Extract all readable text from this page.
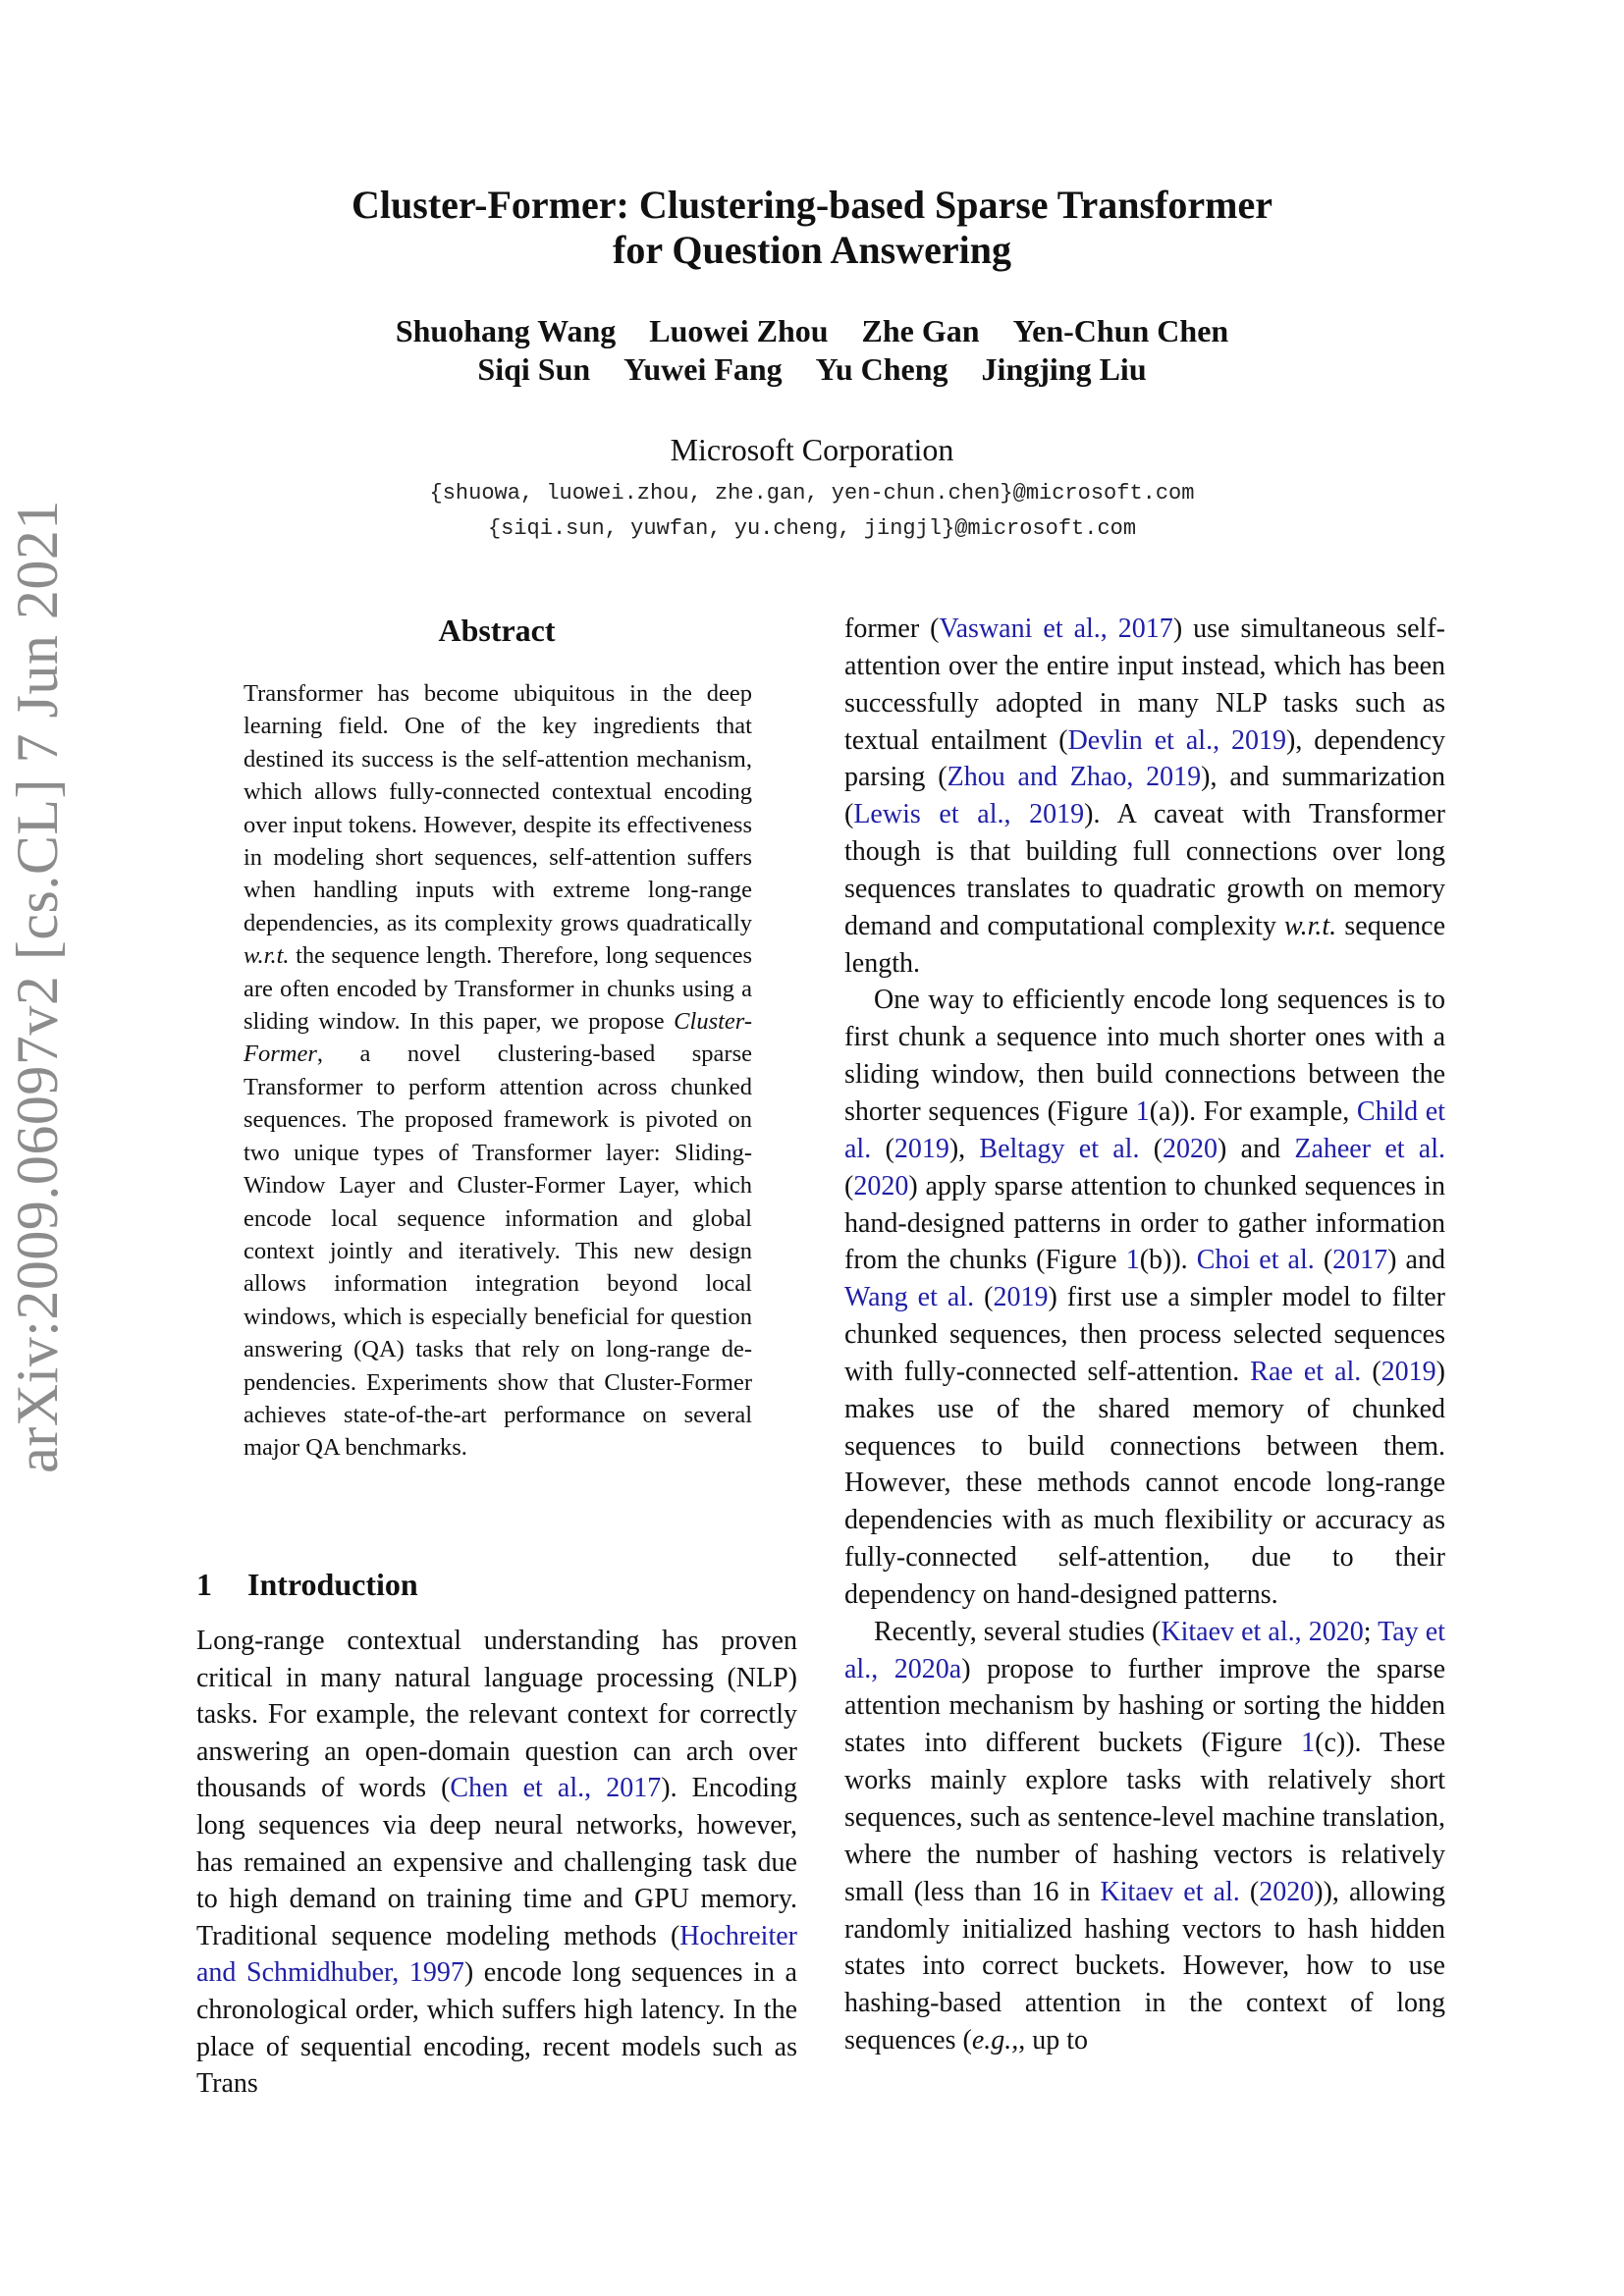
arXiv:2009.06097v2 [cs.CL] 7 Jun 2021
Cluster-Former: Clustering-based Sparse Transformer
for Question Answering
Shuohang Wang Luowei Zhou Zhe Gan Yen-Chun Chen
Siqi Sun Yuwei Fang Yu Cheng Jingjing Liu
Microsoft Corporation
{shuowa, luowei.zhou, zhe.gan, yen-chun.chen}@microsoft.com
{siqi.sun, yuwfan, yu.cheng, jingjl}@microsoft.com
Abstract
Transformer has become ubiquitous in the deep learning field. One of the key ingredients that destined its success is the self-attention mechanism, which allows fully-connected contextual encoding over input tokens. However, despite its effectiveness in modeling short sequences, self-attention suffers when handling inputs with extreme long-range dependencies, as its complexity grows quadratically w.r.t. the sequence length. Therefore, long sequences are often encoded by Transformer in chunks using a sliding window. In this paper, we propose Cluster-Former, a novel clustering-based sparse Transformer to perform attention across chunked sequences. The proposed framework is pivoted on two unique types of Transformer layer: Sliding-Window Layer and Cluster-Former Layer, which encode local sequence information and global context jointly and iteratively. This new design allows information integration beyond local windows, which is especially beneficial for question answering (QA) tasks that rely on long-range dependencies. Experiments show that Cluster-Former achieves state-of-the-art performance on several major QA benchmarks.
1 Introduction
Long-range contextual understanding has proven critical in many natural language processing (NLP) tasks. For example, the relevant context for correctly answering an open-domain question can arch over thousands of words (Chen et al., 2017). Encoding long sequences via deep neural networks, however, has remained an expensive and challenging task due to high demand on training time and GPU memory. Traditional sequence modeling methods (Hochreiter and Schmidhuber, 1997) encode long sequences in a chronological order, which suffers high latency. In the place of sequential encoding, recent models such as Trans

former (Vaswani et al., 2017) use simultaneous self-attention over the entire input instead, which has been successfully adopted in many NLP tasks such as textual entailment (Devlin et al., 2019), dependency parsing (Zhou and Zhao, 2019), and summarization (Lewis et al., 2019). A caveat with Transformer though is that building full connections over long sequences translates to quadratic growth on memory demand and computational complexity w.r.t. sequence length.

One way to efficiently encode long sequences is to first chunk a sequence into much shorter ones with a sliding window, then build connections between the shorter sequences (Figure 1(a)). For example, Child et al. (2019), Beltagy et al. (2020) and Zaheer et al. (2020) apply sparse attention to chunked sequences in hand-designed patterns in order to gather information from the chunks (Figure 1(b)). Choi et al. (2017) and Wang et al. (2019) first use a simpler model to filter chunked sequences, then process selected sequences with fully-connected self-attention. Rae et al. (2019) makes use of the shared memory of chunked sequences to build connections between them. However, these methods cannot encode long-range dependencies with as much flexibility or accuracy as fully-connected self-attention, due to their dependency on hand-designed patterns.

Recently, several studies (Kitaev et al., 2020; Tay et al., 2020a) propose to further improve the sparse attention mechanism by hashing or sorting the hidden states into different buckets (Figure 1(c)). These works mainly explore tasks with relatively short sequences, such as sentence-level machine translation, where the number of hashing vectors is relatively small (less than 16 in Kitaev et al. (2020)), allowing randomly initialized hashing vectors to hash hidden states into correct buckets. However, how to use hashing-based attention in the context of long sequences (e.g.,, up to
